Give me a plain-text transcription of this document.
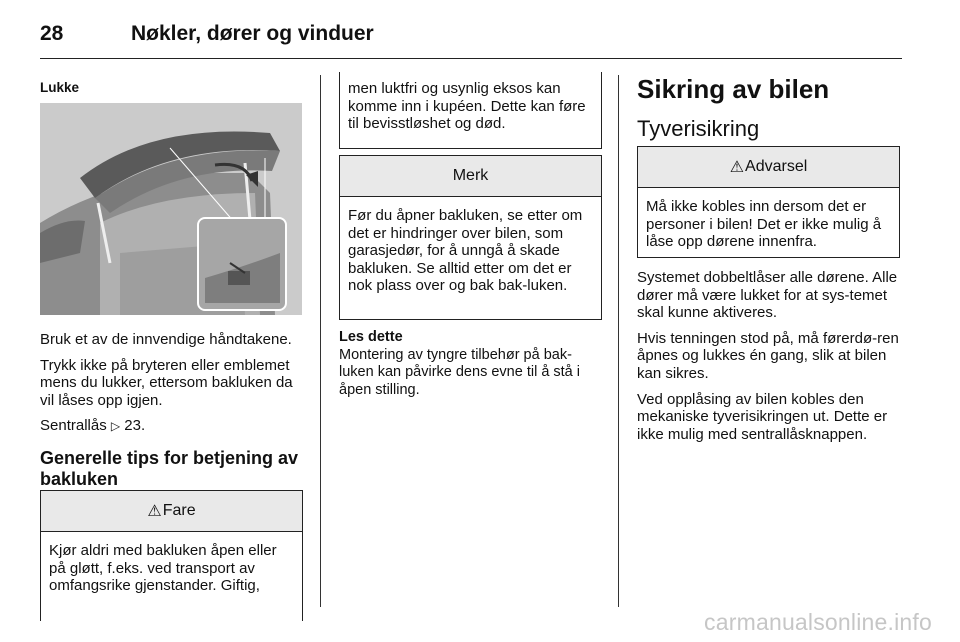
28	Nøkler, dører og vinduer
Lukke

Bruk et av de innvendige håndtakene.

Trykk ikke på bryteren eller emblemet mens du lukker, ettersom bakluken da vil låses opp igjen.

Sentrallås ▷ 23.

Generelle tips for betjening av bakluken
⚠ Fare
Kjør aldri med bakluken åpen eller på gløtt, f.eks. ved transport av omfangsrike gjenstander. Giftig,
men luktfri og usynlig eksos kan komme inn i kupéen. Dette kan føre til bevisstløshet og død.
Merk
Før du åpner bakluken, se etter om det er hindringer over bilen, som garasjedør, for å unngå å skade bakluken. Se alltid etter om det er nok plass over og bak bak-luken.
Les dette
Montering av tyngre tilbehør på bak-luken kan påvirke dens evne til å stå i åpen stilling.
Sikring av bilen
Tyverisikring
⚠ Advarsel
Må ikke kobles inn dersom det er personer i bilen! Det er ikke mulig å låse opp dørene innenfra.

Systemet dobbeltlåser alle dørene. Alle dører må være lukket for at sys-temet skal kunne aktiveres.

Hvis tenningen stod på, må førerdø-ren åpnes og lukkes én gang, slik at bilen kan sikres.

Ved opplåsing av bilen kobles den mekaniske tyverisikringen ut. Dette er ikke mulig med sentrallåsknappen.

carmanualsonline.info
